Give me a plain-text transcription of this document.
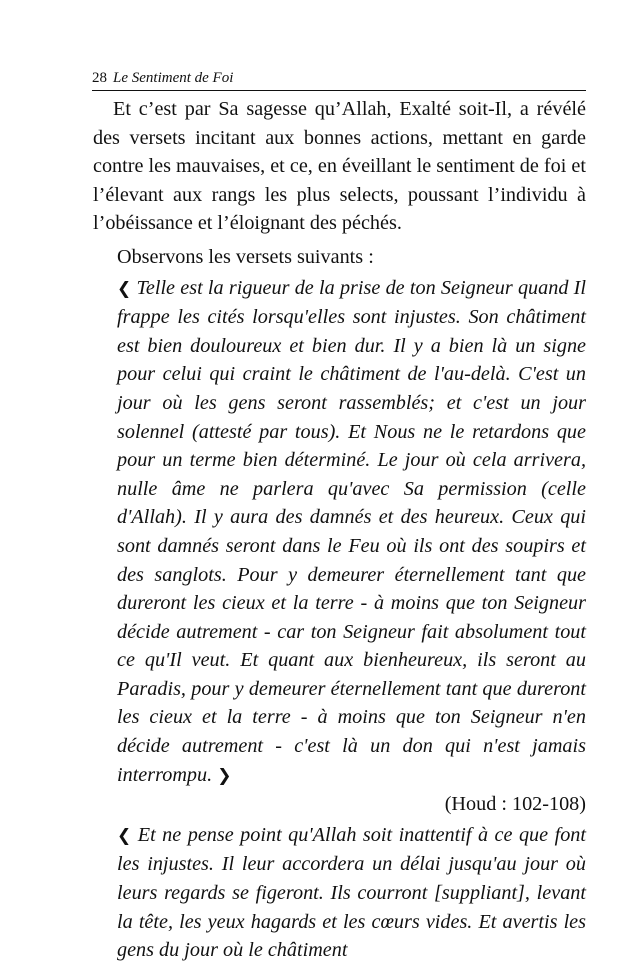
28 Le Sentiment de Foi

Et c’est par Sa sagesse qu’Allah, Exalté soit-Il, a révélé des versets incitant aux bonnes actions, mettant en garde contre les mauvaises, et ce, en éveillant le sentiment de foi et l’élevant aux rangs les plus selects, poussant l’individu à l’obéissance et l’éloignant des péchés.

Observons les versets suivants :

❮ Telle est la rigueur de la prise de ton Seigneur quand Il frappe les cités lorsqu'elles sont injustes. Son châtiment est bien douloureux et bien dur. Il y a bien là un signe pour celui qui craint le châtiment de l'au-delà. C'est un jour où les gens seront rassemblés; et c'est un jour solennel (attesté par tous). Et Nous ne le retardons que pour un terme bien déterminé. Le jour où cela arrivera, nulle âme ne parlera qu'avec Sa permission (celle d'Allah). Il y aura des damnés et des heureux. Ceux qui sont damnés seront dans le Feu où ils ont des soupirs et des sanglots. Pour y demeurer éternellement tant que dureront les cieux et la terre - à moins que ton Seigneur décide autrement - car ton Seigneur fait absolument tout ce qu'Il veut. Et quant aux bienheureux, ils seront au Paradis, pour y demeurer éternellement tant que dureront les cieux et la terre - à moins que ton Seigneur n'en décide autrement - c'est là un don qui n'est jamais interrompu. ❯

(Houd : 102-108)

❮ Et ne pense point qu'Allah soit inattentif à ce que font les injustes. Il leur accordera un délai jusqu'au jour où leurs regards se figeront. Ils courront [suppliant], levant la tête, les yeux hagards et les cœurs vides. Et avertis les gens du jour où le châtiment
